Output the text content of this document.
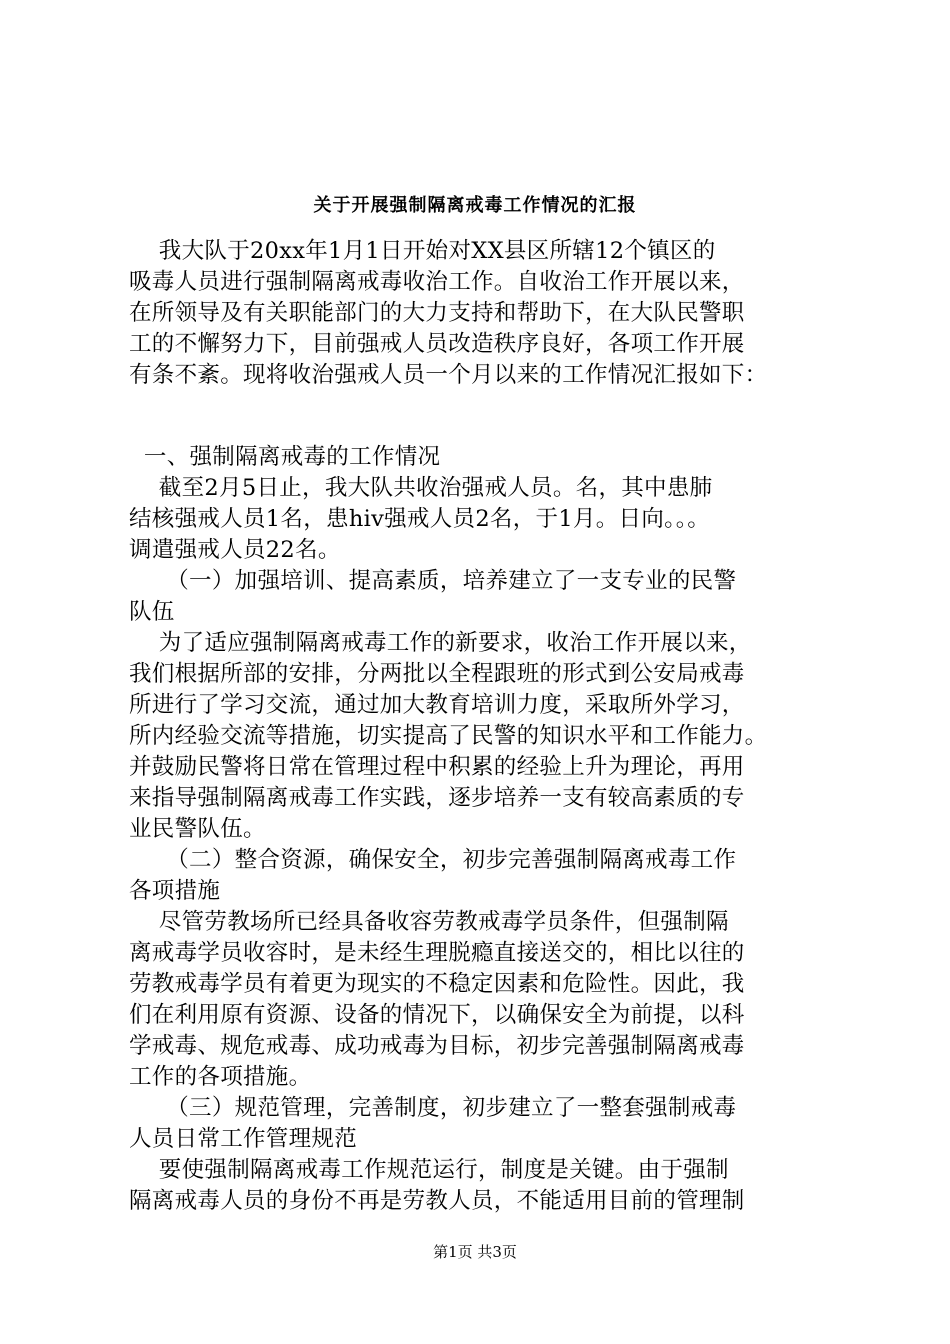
关于开展强制隔离戒毒工作情况的汇报
我大队于20xx年1月1日开始对XX县区所辖12个镇区的
吸毒人员进行强制隔离戒毒收治工作。自收治工作开展以来，
在所领导及有关职能部门的大力支持和帮助下，在大队民警职
工的不懈努力下，目前强戒人员改造秩序良好，各项工作开展
有条不紊。现将收治强戒人员一个月以来的工作情况汇报如下：
一、强制隔离戒毒的工作情况
截至2月5日止，我大队共收治强戒人员。名，其中患肺
结核强戒人员1名，患hiv强戒人员2名，于1月。日向。。。
调遣强戒人员22名。
（一）加强培训、提高素质，培养建立了一支专业的民警
队伍
为了适应强制隔离戒毒工作的新要求，收治工作开展以来，
我们根据所部的安排，分两批以全程跟班的形式到公安局戒毒
所进行了学习交流，通过加大教育培训力度，采取所外学习，
所内经验交流等措施，切实提高了民警的知识水平和工作能力。
并鼓励民警将日常在管理过程中积累的经验上升为理论，再用
来指导强制隔离戒毒工作实践，逐步培养一支有较高素质的专
业民警队伍。
（二）整合资源，确保安全，初步完善强制隔离戒毒工作
各项措施
尽管劳教场所已经具备收容劳教戒毒学员条件，但强制隔
离戒毒学员收容时，是未经生理脱瘾直接送交的，相比以往的
劳教戒毒学员有着更为现实的不稳定因素和危险性。因此，我
们在利用原有资源、设备的情况下，以确保安全为前提，以科
学戒毒、规危戒毒、成功戒毒为目标，初步完善强制隔离戒毒
工作的各项措施。
（三）规范管理，完善制度，初步建立了一整套强制戒毒
人员日常工作管理规范
要使强制隔离戒毒工作规范运行，制度是关键。由于强制
隔离戒毒人员的身份不再是劳教人员，不能适用目前的管理制
第1页 共3页
